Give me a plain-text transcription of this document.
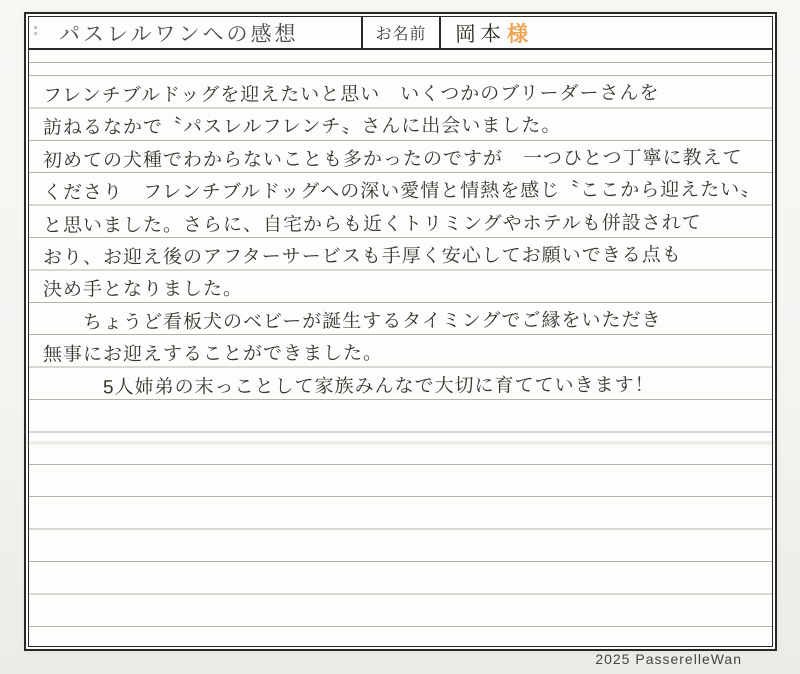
パスレルワンへの感想	お名前	岡本 様
フレンチブルドッグを迎えたいと思い　いくつかのブリーダーさんを
訪ねるなかで〝パスレルフレンチ〟さんに出会いました。
初めての犬種でわからないことも多かったのですが　一つひとつ丁寧に教えて
くださり　フレンチブルドッグへの深い愛情と情熱を感じ〝ここから迎えたい〟
と思いました。さらに、自宅からも近くトリミングやホテルも併設されて
おり、お迎え後のアフターサービスも手厚く安心してお願いできる点も
決め手となりました。
　　ちょうど看板犬のベビーが誕生するタイミングでご縁をいただき
無事にお迎えすることができました。
　　　5人姉弟の末っことして家族みんなで大切に育てていきます！
2025 PasserelleWan
